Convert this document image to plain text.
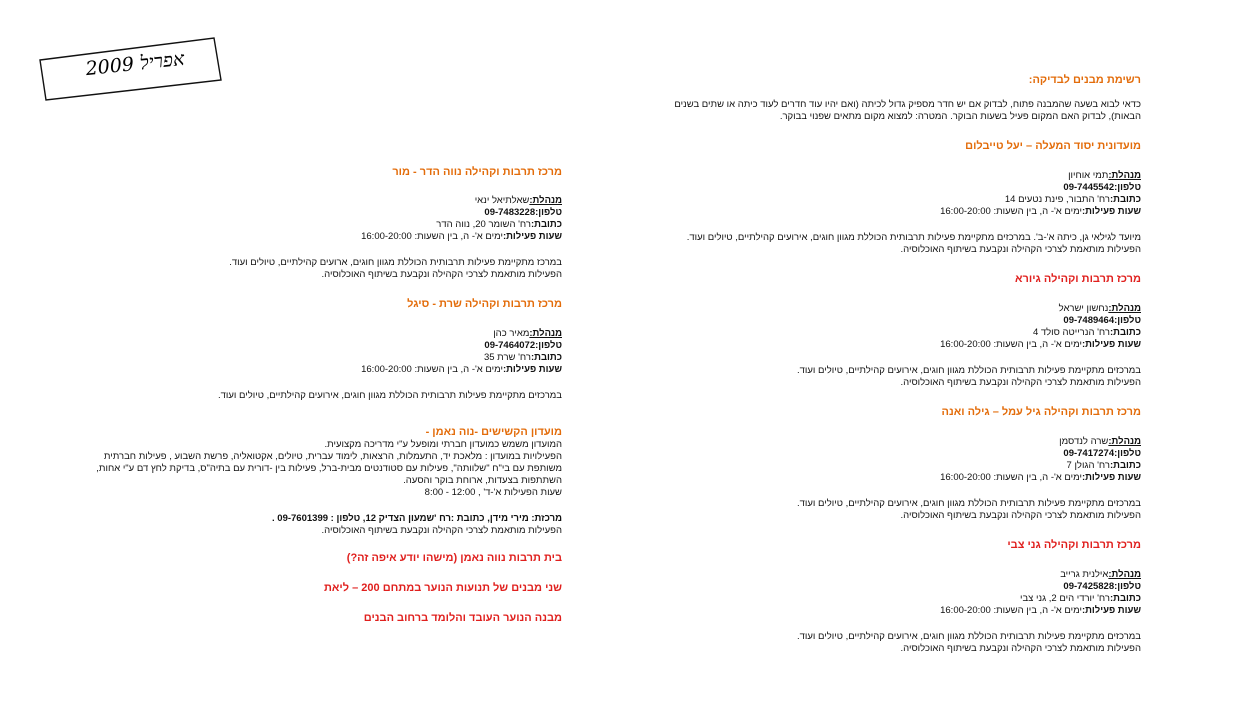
אפריל 2009
רשימת מבנים לבדיקה:

כדאי לבוא בשעה שהמבנה פתוח, לבדוק אם יש חדר מספיק גדול לכיתה (ואם יהיו עוד חדרים לעוד כיתה או שתים בשנים

הבאות), לבדוק האם המקום פעיל בשעות הבוקר. המטרה: למצוא מקום מתאים שפנוי בבוקר.

מועדונית יסוד המעלה – יעל טייבלום

מנהלת:תמי אוחיון

טלפון:09-7445542

כתובת:רח' התבור, פינת נטעים 14

שעות פעילות:ימים א'- ה, בין השעות: 16:00-20:00

מיועד לגילאי גן, כיתה א'-ב'. במרכזים מתקיימת פעילות תרבותית הכוללת מגוון חוגים, אירועים קהילתיים, טיולים ועוד.

הפעילות מותאמת לצרכי הקהילה ונקבעת בשיתוף האוכלוסיה.

מרכז תרבות וקהילה גיורא

מנהלת:נחשון ישראל

טלפון:09-7489464

כתובת:רח' הנרייטה סולד 4

שעות פעילות:ימים א'- ה, בין השעות: 16:00-20:00

במרכזים מתקיימת פעילות תרבותית הכוללת מגוון חוגים, אירועים קהילתיים, טיולים ועוד.

הפעילות מותאמת לצרכי הקהילה ונקבעת בשיתוף האוכלוסיה.

מרכז תרבות וקהילה גיל עמל – גילה ואנה

מנהלת:שרה לנדסמן

טלפון:09-7417274

כתובת:רח' הגולן 7

שעות פעילות:ימים א'- ה, בין השעות: 16:00-20:00

במרכזים מתקיימת פעילות תרבותית הכוללת מגוון חוגים, אירועים קהילתיים, טיולים ועוד.

הפעילות מותאמת לצרכי הקהילה ונקבעת בשיתוף האוכלוסיה.

מרכז תרבות וקהילה גני צבי

מנהלת:אילנית גרייב

טלפון:09-7425828

כתובת:רח' יורדי הים 2, גני צבי

שעות פעילות:ימים א'- ה, בין השעות: 16:00-20:00

במרכזים מתקיימת פעילות תרבותית הכוללת מגוון חוגים, אירועים קהילתיים, טיולים ועוד.

הפעילות מותאמת לצרכי הקהילה ונקבעת בשיתוף האוכלוסיה.

מרכז תרבות וקהילה נווה הדר - מור

מנהלת:שאלתיאל ינאי

טלפון:09-7483228

כתובת:רח' השומר 20, נווה הדר

שעות פעילות:ימים א'- ה, בין השעות: 16:00-20:00

במרכז מתקיימת פעילות תרבותית הכוללת מגוון חוגים, ארועים קהילתיים, טיולים ועוד.

הפעילות מותאמת לצרכי הקהילה ונקבעת בשיתוף האוכלוסיה.

מרכז תרבות וקהילה שרת - סיגל

מנהלת:מאיר כהן

טלפון:09-7464072

כתובת:רח' שרת 35

שעות פעילות:ימים א'- ה, בין השעות: 16:00-20:00

במרכזים מתקיימת פעילות תרבותית הכוללת מגוון חוגים, אירועים קהילתיים, טיולים ועוד.

מועדון הקשישים -נוה נאמן -

המועדון משמש כמועדון חברתי ומופעל ע"י מדריכה מקצועית.

הפעילויות במועדון : מלאכת יד, התעמלות, הרצאות, לימוד עברית, טיולים, אקטואליה, פרשת השבוע , פעילות חברתית

משותפת עם בי"ח "שלוותה", פעילות עם סטודנטים מבית-ברל, פעילות בין -דורית עם בתיה"ס, בדיקת לחץ דם ע"י אחות,

השתתפות בצעדות, ארוחת בוקר והסעה.

שעות הפעילות א'-ד' , 12:00 - 8:00

מרכזת: מירי מידן, כתובת :רח 'שמעון הצדיק 12, טלפון : 09-7601399 .

הפעילות מותאמת לצרכי הקהילה ונקבעת בשיתוף האוכלוסיה.

בית תרבות נווה נאמן (מישהו יודע איפה זה?)
שני מבנים של תנועות הנוער במתחם 200 – ליאת
מבנה הנוער העובד והלומד ברחוב הבנים
